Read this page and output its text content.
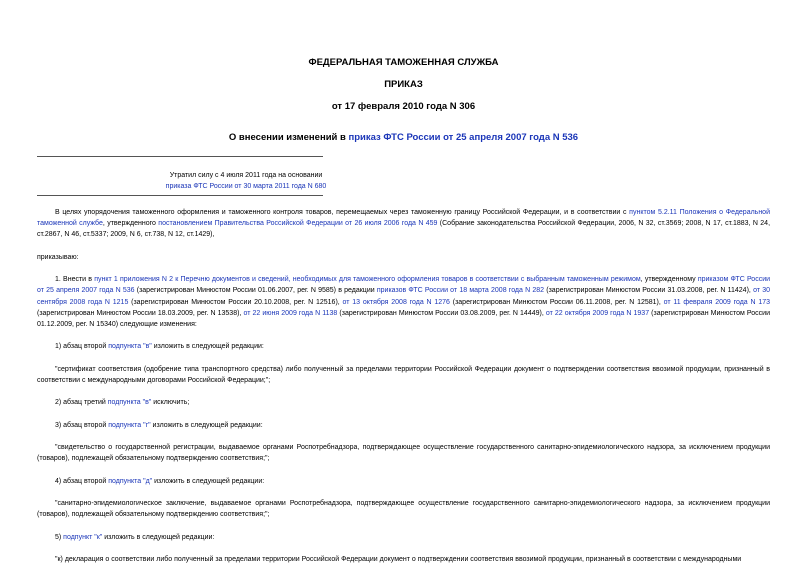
ФЕДЕРАЛЬНАЯ ТАМОЖЕННАЯ СЛУЖБА
ПРИКАЗ
от 17 февраля 2010 года N 306
О внесении изменений в приказ ФТС России от 25 апреля 2007 года N 536
Утратил силу с 4 июля 2011 года на основании
приказа ФТС России от 30 марта 2011 года N 680

В целях упорядочения таможенного оформления и таможенного контроля товаров, перемещаемых через таможенную границу Российской Федерации, и в соответствии с пунктом 5.2.11 Положения о Федеральной таможенной службе, утвержденного постановлением Правительства Российской Федерации от 26 июля 2006 года N 459 (Собрание законодательства Российской Федерации, 2006, N 32, ст.3569; 2008, N 17, ст.1883, N 24, ст.2867, N 46, ст.5337; 2009, N 6, ст.738, N 12, ст.1429),

приказываю:

1. Внести в пункт 1 приложения N 2 к Перечню документов и сведений, необходимых для таможенного оформления товаров в соответствии с выбранным таможенным режимом, утвержденному приказом ФТС России от 25 апреля 2007 года N 536 (зарегистрирован Минюстом России 01.06.2007, рег. N 9585) в редакции приказов ФТС России от 18 марта 2008 года N 282 (зарегистрирован Минюстом России 31.03.2008, рег. N 11424), от 30 сентября 2008 года N 1215 (зарегистрирован Минюстом России 20.10.2008, рег. N 12516), от 13 октября 2008 года N 1276 (зарегистрирован Минюстом России 06.11.2008, рег. N 12581), от 11 февраля 2009 года N 173 (зарегистрирован Минюстом России 18.03.2009, рег. N 13538), от 22 июня 2009 года N 1138 (зарегистрирован Минюстом России 03.08.2009, рег. N 14449), от 22 октября 2009 года N 1937 (зарегистрирован Минюстом России 01.12.2009, рег. N 15340) следующие изменения:

1) абзац второй подпункта "в" изложить в следующей редакции:

"сертификат соответствия (одобрение типа транспортного средства) либо полученный за пределами территории Российской Федерации документ о подтверждении соответствия ввозимой продукции, признанный в соответствии с международными договорами Российской Федерации;";

2) абзац третий подпункта "в" исключить;

3) абзац второй подпункта "г" изложить в следующей редакции:

"свидетельство о государственной регистрации, выдаваемое органами Роспотребнадзора, подтверждающее осуществление государственного санитарно-эпидемиологического надзора, за исключением продукции (товаров), подлежащей обязательному подтверждению соответствия;";

4) абзац второй подпункта "д" изложить в следующей редакции:

"санитарно-эпидемиологическое заключение, выдаваемое органами Роспотребнадзора, подтверждающее осуществление государственного санитарно-эпидемиологического надзора, за исключением продукции (товаров), подлежащей обязательному подтверждению соответствия;";

5) подпункт "к" изложить в следующей редакции:

"к) декларация о соответствии либо полученный за пределами территории Российской Федерации документ о подтверждении соответствия ввозимой продукции, признанный в соответствии с международными
